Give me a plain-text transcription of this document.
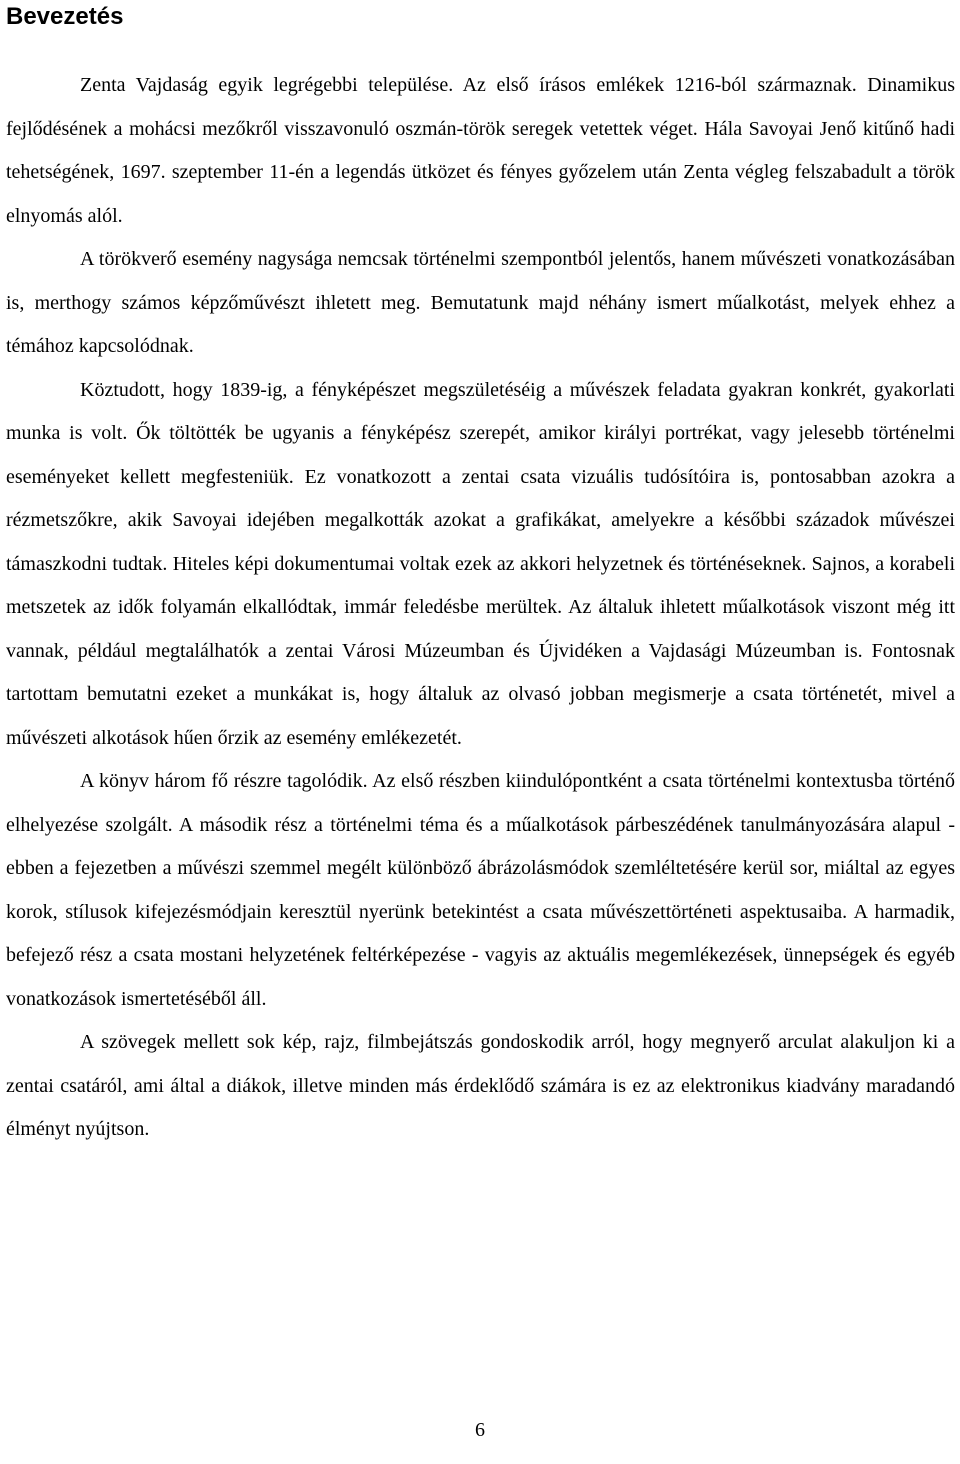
Bevezetés

Zenta Vajdaság egyik legrégebbi települése. Az első írásos emlékek 1216-ból származnak. Dinamikus fejlődésének a mohácsi mezőkről visszavonuló oszmán-török seregek vetettek véget. Hála Savoyai Jenő kitűnő hadi tehetségének, 1697. szeptember 11-én a legendás ütközet és fényes győzelem után Zenta végleg felszabadult a török elnyomás alól.

A törökverő esemény nagysága nemcsak történelmi szempontból jelentős, hanem művészeti vonatkozásában is, merthogy számos képzőművészt ihletett meg. Bemutatunk majd néhány ismert műalkotást, melyek ehhez a témához kapcsolódnak.

Köztudott, hogy 1839-ig, a fényképészet megszületéséig a művészek feladata gyakran konkrét, gyakorlati munka is volt. Ők töltötték be ugyanis a fényképész szerepét, amikor királyi portrékat, vagy jelesebb történelmi eseményeket kellett megfesteniük. Ez vonatkozott a zentai csata vizuális tudósítóira is, pontosabban azokra a rézmetszőkre, akik Savoyai idejében megalkották azokat a grafikákat, amelyekre a későbbi századok művészei támaszkodni tudtak. Hiteles képi dokumentumai voltak ezek az akkori helyzetnek és történéseknek. Sajnos, a korabeli metszetek az idők folyamán elkallódtak, immár feledésbe merültek. Az általuk ihletett műalkotások viszont még itt vannak, például megtalálhatók a zentai Városi Múzeumban és Újvidéken a Vajdasági Múzeumban is. Fontosnak tartottam bemutatni ezeket a munkákat is, hogy általuk az olvasó jobban megismerje a csata történetét, mivel a művészeti alkotások hűen őrzik az esemény emlékezetét.

A könyv három fő részre tagolódik. Az első részben kiindulópontként a csata történelmi kontextusba történő elhelyezése szolgált. A második rész a történelmi téma és a műalkotások párbeszédének tanulmányozására alapul - ebben a fejezetben a művészi szemmel megélt különböző ábrázolásmódok szemléltetésére kerül sor, miáltal az egyes korok, stílusok kifejezésmódjain keresztül nyerünk betekintést a csata művészettörténeti aspektusaiba. A harmadik, befejező rész a csata mostani helyzetének feltérképezése - vagyis az aktuális megemlékezések, ünnepségek és egyéb vonatkozások ismertetéséből áll.

A szövegek mellett sok kép, rajz, filmbejátszás gondoskodik arról, hogy megnyerő arculat alakuljon ki a zentai csatáról, ami által a diákok, illetve minden más érdeklődő számára is ez az elektronikus kiadvány maradandó élményt nyújtson.

6
